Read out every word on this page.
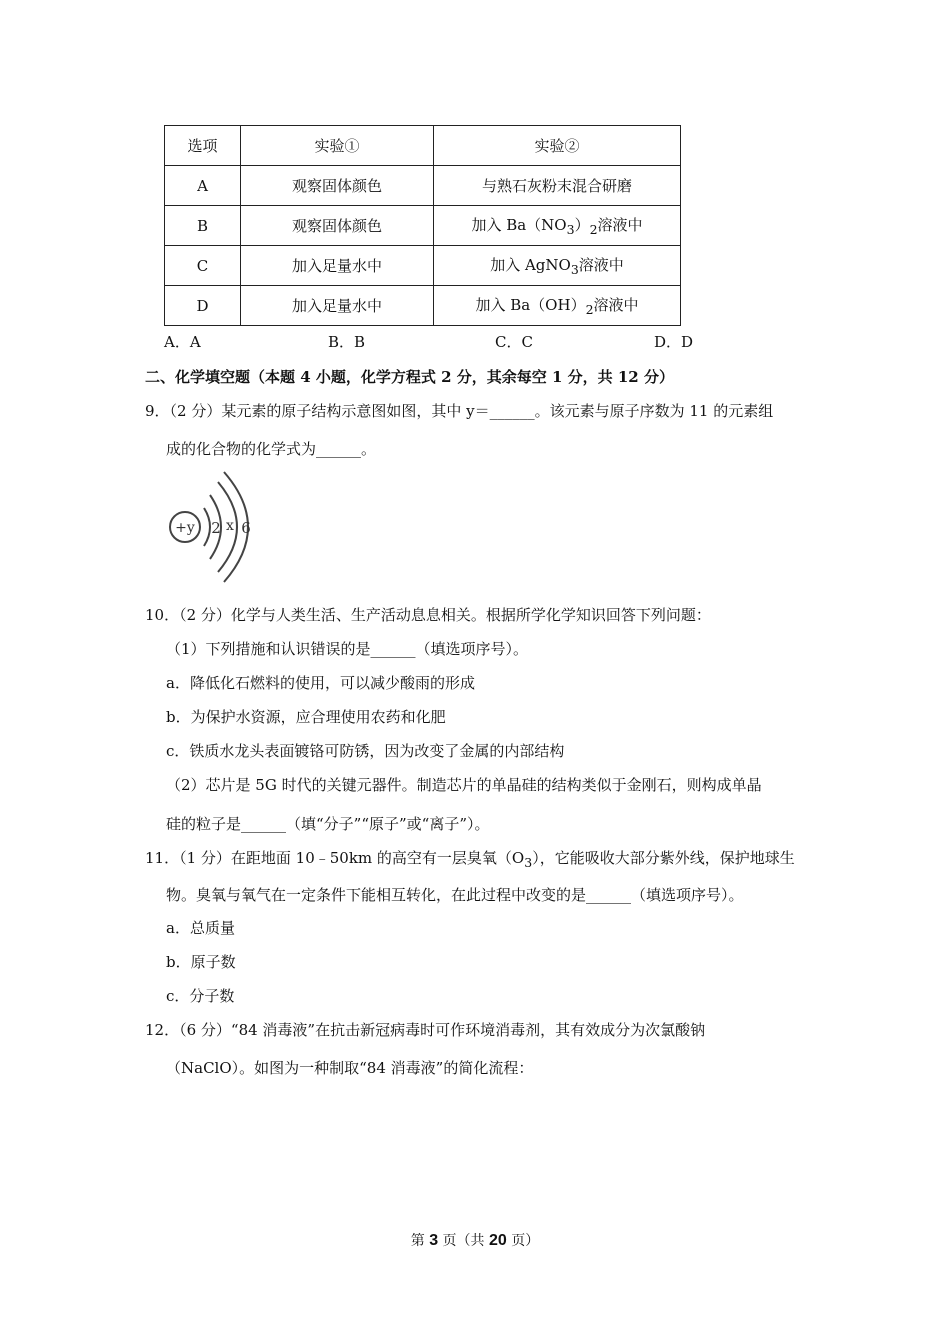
选项	实验①	实验②
A	观察固体颜色	与熟石灰粉末混合研磨
B	观察固体颜色	加入 $Ba(NO_3)_2$溶液中
C	加入足量水中	加入 AgNO$_3$溶液中
D	加入足量水中	加入 $Ba(OH)_2$溶液中
A．A	B．B	C．C	D．D
二、化学填空题（本题 4 小题，化学方程式 2 分，其余每空 1 分，共 12 分）
9．（2 分）某元素的原子结构示意图如图，其中 y＝______。该元素与原子序数为 11 的元素组
成的化合物的化学式为______。
+y 2 x 6
10．（2 分）化学与人类生活、生产活动息息相关。根据所学化学知识回答下列问题：
（1）下列措施和认识错误的是______（填选项序号）。
a．降低化石燃料的使用，可以减少酸雨的形成
b．为保护水资源，应合理使用农药和化肥
c．铁质水龙头表面镀铬可防锈，因为改变了金属的内部结构
（2）芯片是 5G 时代的关键元器件。制造芯片的单晶硅的结构类似于金刚石，则构成单晶
硅的粒子是______（填“分子”“原子”或“离子”）。
11．（1 分）在距地面 10﹣50km 的高空有一层臭氧$(O_3)$，它能吸收大部分紫外线，保护地球生
物。臭氧与氧气在一定条件下能相互转化，在此过程中改变的是______（填选项序号）。
a．总质量
b．原子数
c．分子数
12．（6 分）“84 消毒液”在抗击新冠病毒时可作环境消毒剂，其有效成分为次氯酸钠
（NaClO）。如图为一种制取“84 消毒液”的简化流程：
第 3 页（共 20 页）
